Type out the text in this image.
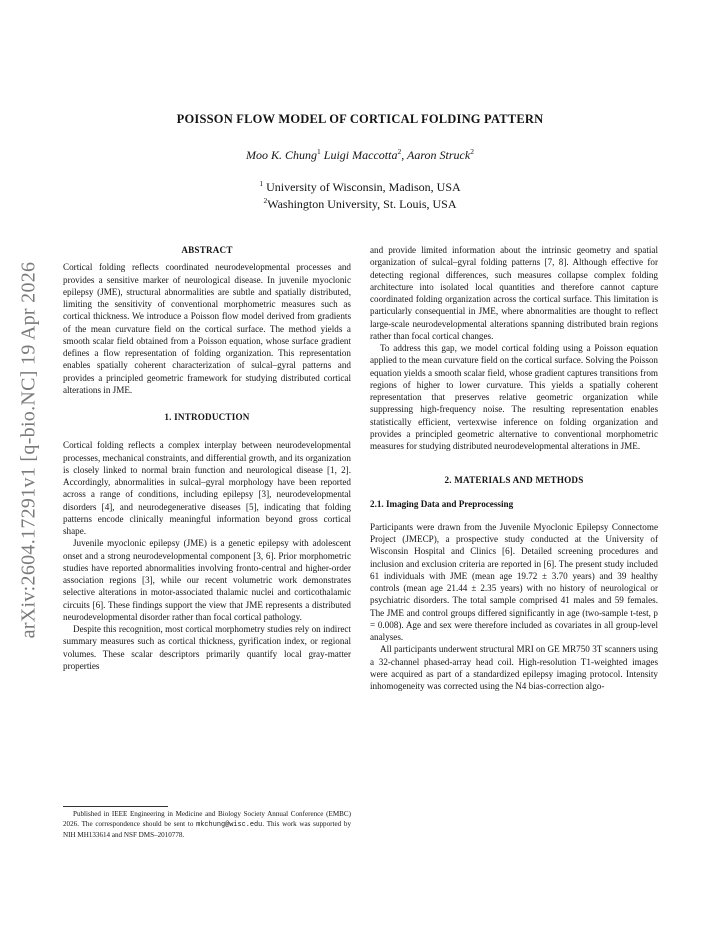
arXiv:2604.17291v1 [q-bio.NC] 19 Apr 2026
POISSON FLOW MODEL OF CORTICAL FOLDING PATTERN
Moo K. Chung$^1$ Luigi Maccotta$^2$, Aaron Struck$^2$
$^1$ University of Wisconsin, Madison, USA
$^2$Washington University, St. Louis, USA
ABSTRACT

Cortical folding reflects coordinated neurodevelopmental processes and provides a sensitive marker of neurological disease. In juvenile myoclonic epilepsy (JME), structural abnormalities are subtle and spatially distributed, limiting the sensitivity of conventional morphometric measures such as cortical thickness. We introduce a Poisson flow model derived from gradients of the mean curvature field on the cortical surface. The method yields a smooth scalar field obtained from a Poisson equation, whose surface gradient defines a flow representation of folding organization. This representation enables spatially coherent characterization of sulcal–gyral patterns and provides a principled geometric framework for studying distributed cortical alterations in JME.

1. INTRODUCTION

Cortical folding reflects a complex interplay between neurodevelopmental processes, mechanical constraints, and differential growth, and its organization is closely linked to normal brain function and neurological disease [1, 2]. Accordingly, abnormalities in sulcal–gyral morphology have been reported across a range of conditions, including epilepsy [3], neurodevelopmental disorders [4], and neurodegenerative diseases [5], indicating that folding patterns encode clinically meaningful information beyond gross cortical shape.

Juvenile myoclonic epilepsy (JME) is a genetic epilepsy with adolescent onset and a strong neurodevelopmental component [3, 6]. Prior morphometric studies have reported abnormalities involving fronto-central and higher-order association regions [3], while our recent volumetric work demonstrates selective alterations in motor-associated thalamic nuclei and corticothalamic circuits [6]. These findings support the view that JME represents a distributed neurodevelopmental disorder rather than focal cortical pathology.

Despite this recognition, most cortical morphometry studies rely on indirect summary measures such as cortical thickness, gyrification index, or regional volumes. These scalar descriptors primarily quantify local gray-matter properties

Published in IEEE Engineering in Medicine and Biology Society Annual Conference (EMBC) 2026. The correspondence should be sent to mkchung@wisc.edu. This work was supported by NIH MH133614 and NSF DMS–2010778.

and provide limited information about the intrinsic geometry and spatial organization of sulcal–gyral folding patterns [7, 8]. Although effective for detecting regional differences, such measures collapse complex folding architecture into isolated local quantities and therefore cannot capture coordinated folding organization across the cortical surface. This limitation is particularly consequential in JME, where abnormalities are thought to reflect large-scale neurodevelopmental alterations spanning distributed brain regions rather than focal cortical changes.

To address this gap, we model cortical folding using a Poisson equation applied to the mean curvature field on the cortical surface. Solving the Poisson equation yields a smooth scalar field, whose gradient captures transitions from regions of higher to lower curvature. This yields a spatially coherent representation that preserves relative geometric organization while suppressing high-frequency noise. The resulting representation enables statistically efficient, vertexwise inference on folding organization and provides a principled geometric alternative to conventional morphometric measures for studying distributed neurodevelopmental alterations in JME.

2. MATERIALS AND METHODS
2.1. Imaging Data and Preprocessing

Participants were drawn from the Juvenile Myoclonic Epilepsy Connectome Project (JMECP), a prospective study conducted at the University of Wisconsin Hospital and Clinics [6]. Detailed screening procedures and inclusion and exclusion criteria are reported in [6]. The present study included 61 individuals with JME (mean age 19.72 ± 3.70 years) and 39 healthy controls (mean age 21.44 ± 2.35 years) with no history of neurological or psychiatric disorders. The total sample comprised 41 males and 59 females. The JME and control groups differed significantly in age (two-sample t-test, p = 0.008). Age and sex were therefore included as covariates in all group-level analyses.

All participants underwent structural MRI on GE MR750 3T scanners using a 32-channel phased-array head coil. High-resolution T1-weighted images were acquired as part of a standardized epilepsy imaging protocol. Intensity inhomogeneity was corrected using the N4 bias-correction algo-
